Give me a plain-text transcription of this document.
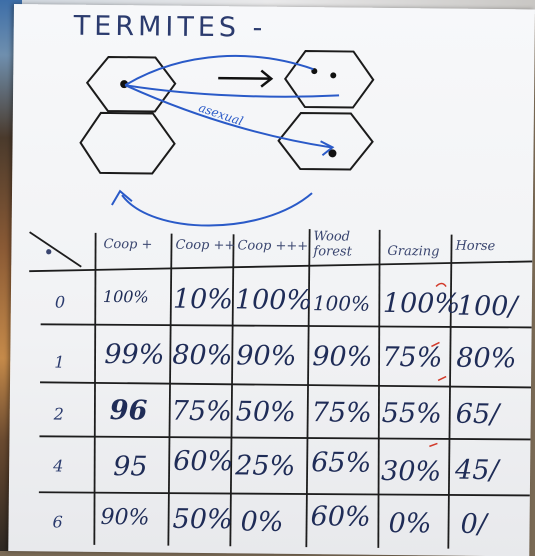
TERMITES -
asexual
•	Coop + Coop ++ Coop +++
Wood forest	Grazing Horse
0
1
2
4
6
100% 10% 100% 100% 100%
100/
99% 80% 90% 90% 75% 80%
96 75% 50% 75% 55% 65/
95 60% 25% 65% 30% 45/
90% 50% 0% 60% 0% 0/
